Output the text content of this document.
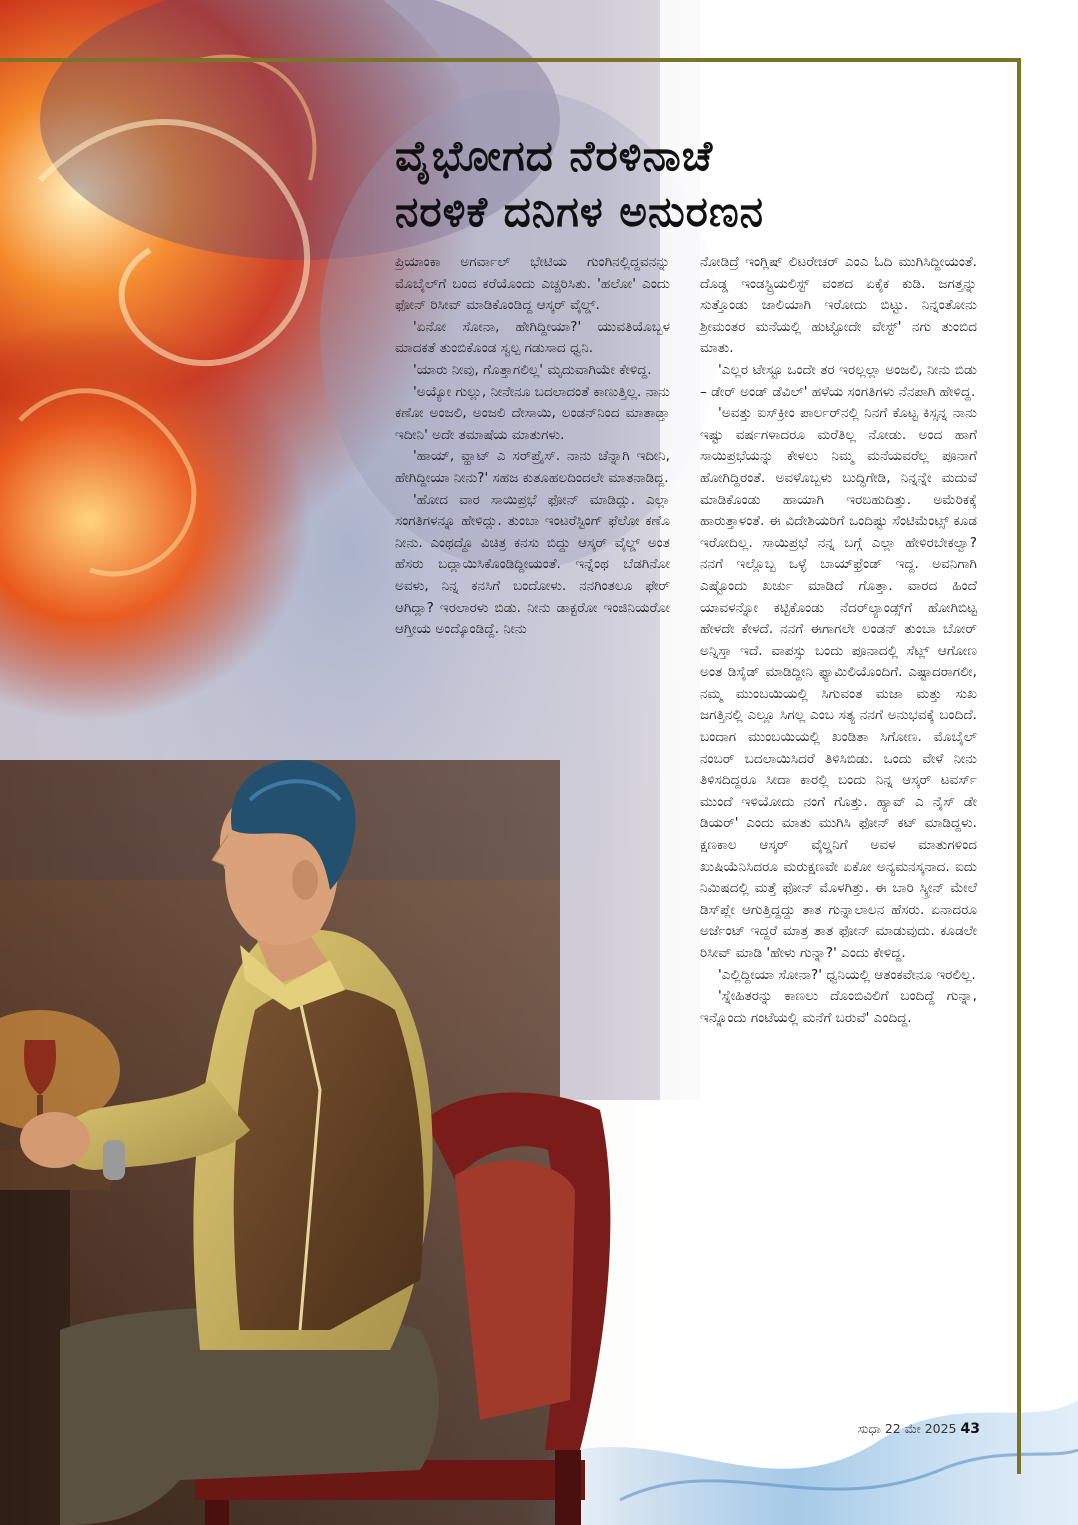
ವೈಭೋಗದ ನೆರಳಿನಾಚೆ
ನರಳಿಕೆ ದನಿಗಳ ಅನುರಣನ

ಪ್ರಿಯಾಂಕಾ ಅಗರ್ವಾಲ್ ಭೇಟಿಯ ಗುಂಗಿನಲ್ಲಿದ್ದವನನ್ನು ಮೊಬೈಲ್‌ಗೆ ಬಂದ ಕರೆಯೊಂದು ಎಚ್ಚರಿಸಿತು. 'ಹಲೋ' ಎಂದು ಫೋನ್ ರಿಸೀವ್ ಮಾಡಿಕೊಂಡಿದ್ದ ಆಸ್ಕರ್ ವೈಲ್ಡ್.

'ಏನೋ ಸೋನಾ, ಹೇಗಿದ್ದೀಯಾ?' ಯುವತಿಯೊಬ್ಬಳ ಮಾದಕತೆ ತುಂಬಿಕೊಂಡ ಸ್ವಲ್ಪ ಗಡುಸಾದ ಧ್ವನಿ.

'ಯಾರು ನೀವು, ಗೊತ್ತಾಗಲಿಲ್ಲ' ಮೃದುವಾಗಿಯೇ ಕೇಳಿದ್ದ.

'ಅಯ್ಯೋ ಗುಲ್ಲು, ನೀನೇನೂ ಬದಲಾದಂತೆ ಕಾಣುತ್ತಿಲ್ಲ. ನಾನು ಕಣೋ ಅಂಜಲಿ, ಅಂಜಲಿ ದೇಸಾಯಿ, ಲಂಡನ್‌ನಿಂದ ಮಾತಾಡ್ತಾ ಇದೀನಿ' ಅದೇ ತಮಾಷೆಯ ಮಾತುಗಳು.

'ಹಾಯ್, ವ್ಹಾಟ್ ಎ ಸರ್‌ಪ್ರೈಸ್. ನಾನು ಚೆನ್ನಾಗಿ ಇದೀನಿ, ಹೇಗಿದ್ದೀಯಾ ನೀನು?' ಸಹಜ ಕುತೂಹಲದಿಂದಲೇ ಮಾತನಾಡಿದ್ದ.

'ಹೋದ ವಾರ ಸಾಯಿಪ್ರಭೆ ಫೋನ್ ಮಾಡಿದ್ಲು. ಎಲ್ಲಾ ಸಂಗತಿಗಳನ್ನೂ ಹೇಳಿದ್ಲು. ತುಂಬಾ ಇಂಟರೆಸ್ಟಿಂಗ್ ಫೆಲೋ ಕಣೊ ನೀನು. ಎಂಥದ್ದೊ ವಿಚಿತ್ರ ಕನಸು ಬಿದ್ದು ಆಸ್ಕರ್ ವೈಲ್ಡ್ ಅಂತ ಹೆಸರು ಬದ್ಲಾಯಿಸಿಕೊಂಡಿದ್ದೀಯಂತೆ. ಇನ್ನೆಂಥ ಬೆಡಗಿನೋ ಅವಳು, ನಿನ್ನ ಕನಸಿಗೆ ಬಂದೋಳು. ನನಗಿಂತಲೂ ಫೇರ್ ಆಗಿದ್ಲಾ? ಇರಲಾರಳು ಬಿಡು. ನೀನು ಡಾಕ್ಟರೋ ಇಂಜಿನಿಯರೋ ಆಗ್ತೀಯ ಅಂದ್ಕೊಂಡಿದ್ದೆ. ನೀನು

ನೋಡಿದ್ರೆ ಇಂಗ್ಲಿಷ್ ಲಿಟರೇಚರ್ ಎಂಎ ಓದಿ ಮುಗಿಸಿದ್ದೀಯಂತೆ. ದೊಡ್ಡ ಇಂಡಸ್ಟ್ರಿಯಲಿಸ್ಟ್ ವಂಶದ ಏಕೈಕ ಕುಡಿ. ಜಗತ್ತನ್ನು ಸುತ್ತೊಂಡು ಜಾಲಿಯಾಗಿ ಇರೋದು ಬಿಟ್ಟು. ನಿನ್ನಂತೋನು ಶ್ರೀಮಂತರ ಮನೆಯಲ್ಲಿ ಹುಟ್ಟೋದೇ ವೇಸ್ಟ್' ನಗು ತುಂಬಿದ ಮಾತು.

'ಎಲ್ಲರ ಟೇಸ್ಟೂ ಒಂದೇ ತರ ಇರಲ್ಲಲ್ಲಾ ಅಂಜಲಿ, ನೀನು ಬಿಡು – ಡೇರ್ ಅಂಡ್ ಡೆವಿಲ್' ಹಳೆಯ ಸಂಗತಿಗಳು ನೆನಪಾಗಿ ಹೇಳಿದ್ದ.

'ಅವತ್ತು ಐಸ್‌ಕ್ರೀಂ ಪಾರ್ಲರ್‌ನಲ್ಲಿ ನಿನಗೆ ಕೊಟ್ಟ ಕಿಸ್ಸನ್ನ ನಾನು ಇಷ್ಟು ವರ್ಷಗಳಾದರೂ ಮರೆತಿಲ್ಲ ನೋಡು. ಅಂದ ಹಾಗೆ ಸಾಯಿಪ್ರಭೆಯನ್ನು ಕೇಳಲು ನಿಮ್ಮ ಮನೆಯವರೆಲ್ಲ ಪೂನಾಗೆ ಹೋಗಿದ್ದಿರಂತೆ. ಅವಳೊಬ್ಬಳು ಬುದ್ಧಿಗೇಡಿ, ನಿನ್ನನ್ನೇ ಮದುವೆ ಮಾಡಿಕೊಂಡು ಹಾಯಾಗಿ ಇರಬಹುದಿತ್ತು. ಅಮೆರಿಕಕ್ಕೆ ಹಾರುತ್ತಾಳಂತೆ. ಈ ವಿದೇಶಿಯರಿಗೆ ಒಂದಿಷ್ಟು ಸೆಂಟಿಮೆಂಟ್ಸ್ ಕೂಡ ಇರೋದಿಲ್ಲ. ಸಾಯಿಪ್ರಭೆ ನನ್ನ ಬಗ್ಗೆ ಎಲ್ಲಾ ಹೇಳಿರಬೇಕಲ್ವಾ? ನನಗೆ ಇಲ್ಲೊಬ್ಬ ಒಳ್ಳೆ ಬಾಯ್‌ಫ್ರೆಂಡ್ ಇದ್ದ. ಅವನಿಗಾಗಿ ಎಷ್ಟೊಂದು ಖರ್ಚು ಮಾಡಿದೆ ಗೊತ್ತಾ. ವಾರದ ಹಿಂದೆ ಯಾವಳನ್ನೋ ಕಟ್ಟಿಕೊಂಡು ನೆದರ್‌ಲ್ಯಾಂಡ್ಸ್‌ಗೆ ಹೋಗಿಬಿಟ್ಟ ಹೇಳದೇ ಕೇಳದೆ. ನನಗೆ ಈಗಾಗಲೇ ಲಂಡನ್ ತುಂಬಾ ಬೋರ್ ಅನ್ನಿಸ್ತಾ ಇದೆ. ವಾಪಸ್ಸು ಬಂದು ಪೂನಾದಲ್ಲಿ ಸೆಟ್ಲ್ ಆಗೋಣ ಅಂತ ಡಿಸೈಡ್ ಮಾಡಿದ್ದೀನಿ ಫ್ಯಾಮಿಲಿಯೊಂದಿಗೆ. ಎಷ್ಟಾದರಾಗಲೀ, ನಮ್ಮ ಮುಂಬಯಿಯಲ್ಲಿ ಸಿಗುವಂತ ಮಜಾ ಮತ್ತು ಸುಖ ಜಗತ್ತಿನಲ್ಲಿ ಎಲ್ಲೂ ಸಿಗಲ್ಲ ಎಂಬ ಸತ್ಯ ನನಗೆ ಅನುಭವಕ್ಕೆ ಬಂದಿದೆ. ಬಂದಾಗ ಮುಂಬಯಿಯಲ್ಲಿ ಖಂಡಿತಾ ಸಿಗೋಣ. ಮೊಬೈಲ್ ನಂಬರ್ ಬದಲಾಯಿಸಿದರೆ ತಿಳಿಸಿಬಿಡು. ಒಂದು ವೇಳೆ ನೀನು ತಿಳಿಸದಿದ್ದರೂ ಸೀದಾ ಕಾರಲ್ಲಿ ಬಂದು ನಿನ್ನ ಆಸ್ಕರ್ ಟವರ್ಸ್ ಮುಂದೆ ಇಳಿಯೋದು ನಂಗೆ ಗೊತ್ತು. ಹ್ಯಾವ್ ಎ ನೈಸ್ ಡೇ ಡಿಯರ್' ಎಂದು ಮಾತು ಮುಗಿಸಿ ಫೋನ್ ಕಟ್ ಮಾಡಿದ್ದಳು. ಕ್ಷಣಕಾಲ ಆಸ್ಕರ್ ವೈಲ್ಡನಿಗೆ ಅವಳ ಮಾತುಗಳಿಂದ ಖುಷಿಯೆನಿಸಿದರೂ ಮರುಕ್ಷಣವೇ ಏಕೋ ಅನ್ಯಮನಸ್ಕನಾದ. ಐದು ನಿಮಿಷದಲ್ಲಿ ಮತ್ತೆ ಫೋನ್ ಮೊಳಗಿತ್ತು. ಈ ಬಾರಿ ಸ್ಕ್ರೀನ್ ಮೇಲೆ ಡಿಸ್‌ಪ್ಲೇ ಆಗುತ್ತಿದ್ದದ್ದು ತಾತ ಗುನ್ನಾಲಾಲನ ಹೆಸರು. ಏನಾದರೂ ಅರ್ಜೆಂಟ್ ಇದ್ದರೆ ಮಾತ್ರ ತಾತ ಫೋನ್ ಮಾಡುವುದು. ಕೂಡಲೇ ರಿಸೀವ್ ಮಾಡಿ 'ಹೇಳು ಗುನ್ನಾ?' ಎಂದು ಕೇಳಿದ್ದ.

'ಎಲ್ಲಿದ್ದೀಯಾ ಸೋನಾ?' ಧ್ವನಿಯಲ್ಲಿ ಆತಂಕವೇನೂ ಇರಲಿಲ್ಲ.

'ಸ್ನೇಹಿತರನ್ನು ಕಾಣಲು ದೊಂಬಿವಿಲಿಗೆ ಬಂದಿದ್ದೆ ಗುನ್ನಾ, ಇನ್ನೊಂದು ಗಂಟೆಯಲ್ಲಿ ಮನೆಗೆ ಬರುವೆ' ಎಂದಿದ್ದ.

ಸುಧಾ 22 ಮೇ 2025 43
